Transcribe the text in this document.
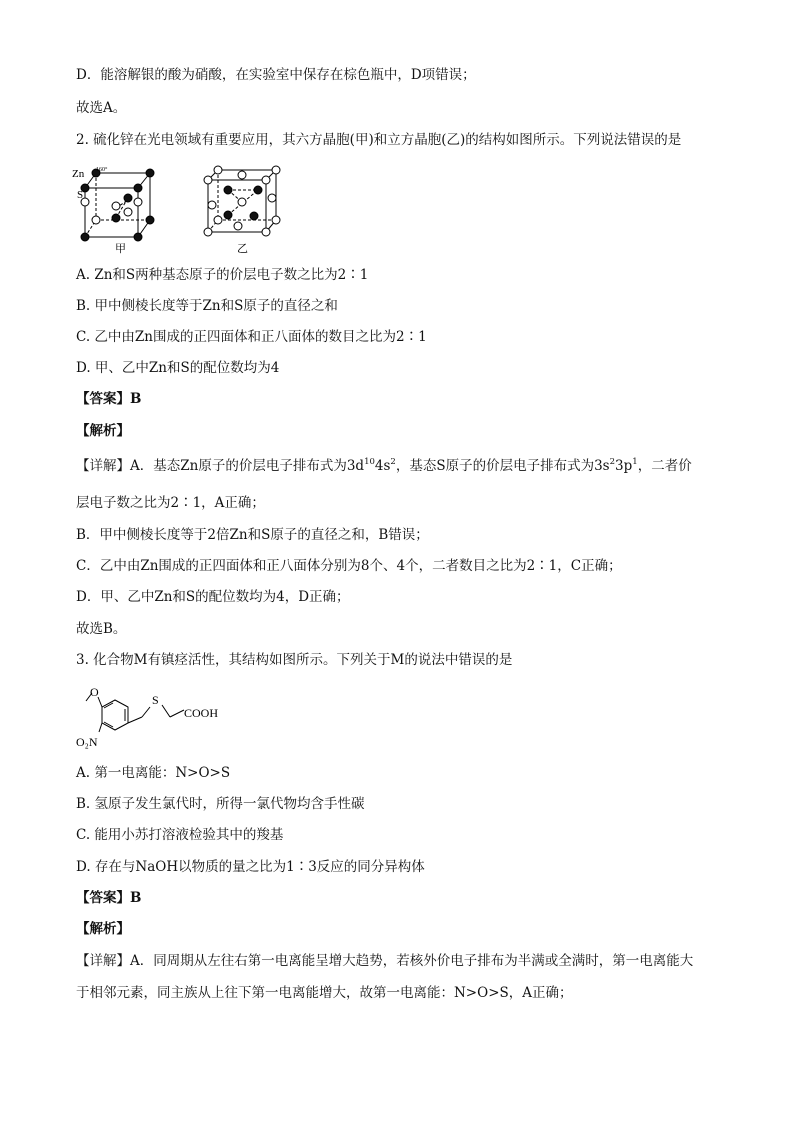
D．能溶解银的酸为硝酸，在实验室中保存在棕色瓶中，D项错误；
故选A。
2. 硫化锌在光电领域有重要应用，其六方晶胞(甲)和立方晶胞(乙)的结构如图所示。下列说法错误的是
Zn
S
160°
甲	乙
A. Zn和S两种基态原子的价层电子数之比为2∶1
B. 甲中侧棱长度等于Zn和S原子的直径之和
C. 乙中由Zn围成的正四面体和正八面体的数目之比为2∶1
D. 甲、乙中Zn和S的配位数均为4
【答案】B
【解析】
【详解】A．基态Zn原子的价层电子排布式为$3d^{10}4s^2$，基态S原子的价层电子排布式为$3s^23p^1$，二者价
层电子数之比为2∶1，A正确；
B．甲中侧棱长度等于2倍Zn和S原子的直径之和，B错误；
C．乙中由Zn围成的正四面体和正八面体分别为8个、4个，二者数目之比为2∶1，C正确；
D．甲、乙中Zn和S的配位数均为4，D正确；
故选B。
3. 化合物M有镇痉活性，其结构如图所示。下列关于M的说法中错误的是
O
S
COOH
O₂N
A. 第一电离能：N>O>S
B. 氢原子发生氯代时，所得一氯代物均含手性碳
C. 能用小苏打溶液检验其中的羧基
D. 存在与NaOH以物质的量之比为1∶3反应的同分异构体
【答案】B
【解析】
【详解】A．同周期从左往右第一电离能呈增大趋势，若核外价电子排布为半满或全满时，第一电离能大
于相邻元素，同主族从上往下第一电离能增大，故第一电离能：N>O>S，A正确；
